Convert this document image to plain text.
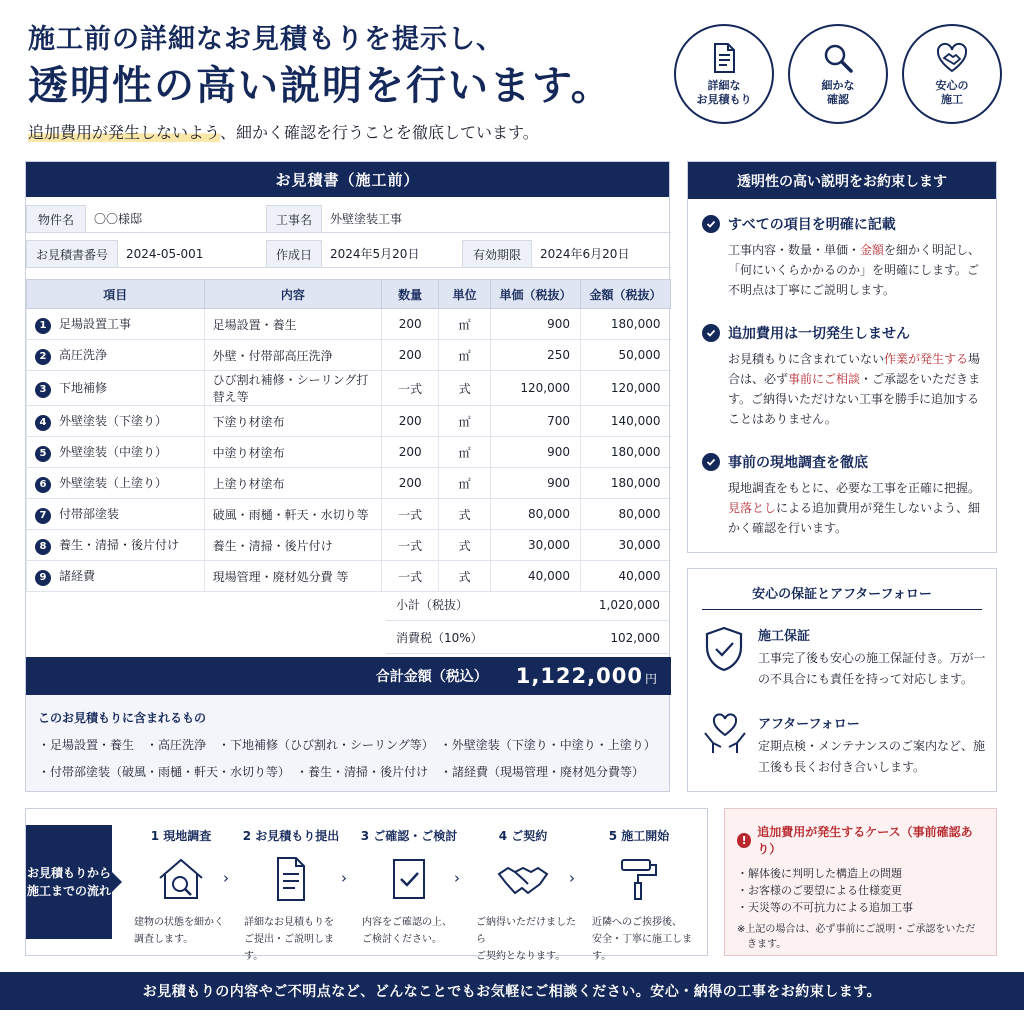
施工前の詳細なお見積もりを提示し、
透明性の高い説明を行います。
追加費用が発生しないよう、細かく確認を行うことを徹底しています。
詳細な
お見積もり
細かな
確認
安心の
施工
お見積書（施工前）
物件名	〇〇様邸	工事名	外壁塗装工事
お見積書番号	2024-05-001	作成日	2024年5月20日	有効期限	2024年6月20日
項目	内容	数量	単位	単価（税抜）	金額（税抜）
1 足場設置工事	足場設置・養生	200	㎡	900	180,000
2 高圧洗浄	外壁・付帯部高圧洗浄	200	㎡	250	50,000
3 下地補修	ひび割れ補修・シーリング打替え等	一式	式	120,000	120,000
4 外壁塗装（下塗り）	下塗り材塗布	200	㎡	700	140,000
5 外壁塗装（中塗り）	中塗り材塗布	200	㎡	900	180,000
6 外壁塗装（上塗り）	上塗り材塗布	200	㎡	900	180,000
7 付帯部塗装	破風・雨樋・軒天・水切り等	一式	式	80,000	80,000
8 養生・清掃・後片付け	養生・清掃・後片付け	一式	式	30,000	30,000
9 諸経費	現場管理・廃材処分費 等	一式	式	40,000	40,000
小計（税抜）	1,020,000
消費税（10%）	102,000
合計金額（税込） 1,122,000 円
このお見積もりに含まれるもの
・足場設置・養生　・高圧洗浄　・下地補修（ひび割れ・シーリング等）　・外壁塗装（下塗り・中塗り・上塗り）
・付帯部塗装（破風・雨樋・軒天・水切り等）　・養生・清掃・後片付け　・諸経費（現場管理・廃材処分費等）
透明性の高い説明をお約束します
すべての項目を明確に記載
工事内容・数量・単価・金額を細かく明記し、「何にいくらかかるのか」を明確にします。ご不明点は丁寧にご説明します。
追加費用は一切発生しません
お見積もりに含まれていない作業が発生する場合は、必ず事前にご相談・ご承認をいただきます。ご納得いただけない工事を勝手に追加することはありません。
事前の現地調査を徹底
現地調査をもとに、必要な工事を正確に把握。見落としによる追加費用が発生しないよう、細かく確認を行います。
安心の保証とアフターフォロー
施工保証
工事完了後も安心の施工保証付き。万が一の不具合にも責任を持って対応します。
アフターフォロー
定期点検・メンテナンスのご案内など、施工後も長くお付き合いします。
お見積もりから施工までの流れ
1 現地調査
建物の状態を細かく
調査します。
›
2 お見積もり提出
詳細なお見積もりを
ご提出・ご説明します。
›
3 ご確認・ご検討
内容をご確認の上、
ご検討ください。
›
4 ご契約
ご納得いただけましたら
ご契約となります。
›
5 施工開始
近隣へのご挨拶後、
安全・丁寧に施工します。
!
追加費用が発生するケース（事前確認あり）
・解体後に判明した構造上の問題
・お客様のご要望による仕様変更
・天災等の不可抗力による追加工事
※上記の場合は、必ず事前にご説明・ご承認をいただきます。
お見積もりの内容やご不明点など、どんなことでもお気軽にご相談ください。安心・納得の工事をお約束します。
